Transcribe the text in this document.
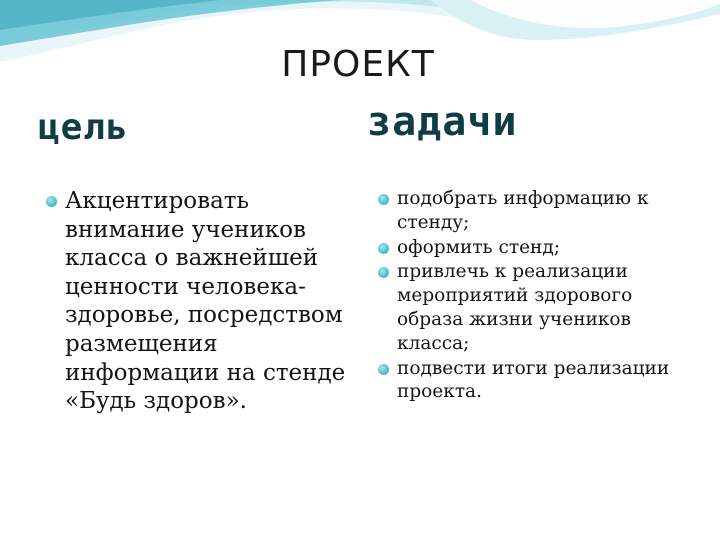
ПРОЕКТ
цель	задачи
Акцентировать внимание учеников класса о важнейшей ценности человека- здоровье, посредством размещения информации на стенде «Будь здоров».
подобрать информацию к стенду;
оформить стенд;
привлечь к реализации мероприятий здорового образа жизни учеников класса;
подвести итоги реализации проекта.
